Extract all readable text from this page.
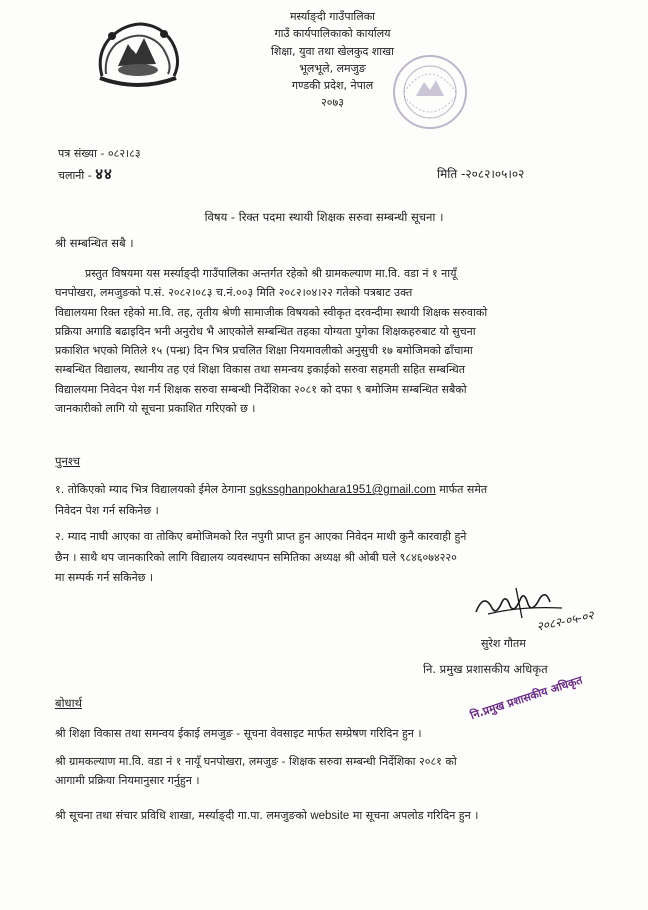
मर्स्याङ्दी गाउँपालिका
गाउँ कार्यपालिकाको कार्यालय
शिक्षा, युवा तथा खेलकुद शाखा
भूलभूले, लमजुङ
गण्डकी प्रदेश, नेपाल
२०७३
पत्र संख्या - ०८२।८३
चलानी - ४४	मिति -२०८२।०५।०२
विषय - रिक्त पदमा स्थायी शिक्षक सरुवा सम्बन्धी सूचना ।
श्री सम्बन्धित सबै ।
प्रस्तुत विषयमा यस मर्स्याङ्दी गाउँपालिका अन्तर्गत रहेको श्री ग्रामकल्याण मा.वि. वडा नं १ नायूँ
घनपोखरा, लमजुङको प.सं. २०८२।०८३ च.नं.००३ मिति २०८२।०४।२२ गतेको पत्रबाट उक्त
विद्यालयमा रिक्त रहेको मा.वि. तह, तृतीय श्रेणी सामाजीक विषयको स्वीकृत दरवन्दीमा स्थायी शिक्षक सरुवाको
प्रक्रिया अगाडि बढाइदिन भनी अनुरोध भै आएकोले सम्बन्धित तहका योग्यता पुगेका शिक्षकहरुबाट यो सुचना
प्रकाशित भएको मितिले १५ (पन्ध्र) दिन भित्र प्रचलित शिक्षा नियमावलीको अनुसुची १७ बमोजिमको ढाँचामा
सम्बन्धित विद्यालय, स्थानीय तह एवं शिक्षा विकास तथा समन्वय इकाईको सरुवा सहमती सहित सम्बन्धित
विद्यालयमा निवेदन पेश गर्न शिक्षक सरुवा सम्बन्धी निर्देशिका २०८१ को दफा ९ बमोजिम सम्बन्धित सबैको
जानकारीको लागि यो सूचना प्रकाशित गरिएको छ ।
पुनश्च
१. तोकिएको म्याद भित्र विद्यालयको ईमेल ठेगाना sgkssghanpokhara1951@gmail.com मार्फत समेत
निवेदन पेश गर्न सकिनेछ ।
२. म्याद नाघी आएका वा तोकिए बमोजिमको रित नपुगी प्राप्त हुन आएका निवेदन माथी कुनै कारवाही हुने
छैन । साथै थप जानकारिको लागि विद्यालय व्यवस्थापन समितिका अध्यक्ष श्री ओबी घले ९८४६०७४२२०
मा सम्पर्क गर्न सकिनेछ ।
२०८२-०५-०२
सुरेश गौतम
नि. प्रमुख प्रशासकीय अधिकृत
नि.प्रमुख प्रशासकीय अधिकृत
बोधार्थ
श्री शिक्षा विकास तथा समन्वय ईकाई लमजुङ - सूचना वेवसाइट मार्फत सम्प्रेषण गरिदिन हुन ।
श्री ग्रामकल्याण मा.वि. वडा नं १ नायूँ घनपोखरा, लमजुङ - शिक्षक सरुवा सम्बन्धी निर्देशिका २०८१ को
आगामी प्रक्रिया नियमानुसार गर्नुहुन ।
श्री सूचना तथा संचार प्रविधि शाखा, मर्स्याङ्दी गा.पा. लमजुङको website मा सूचना अपलोड गरिदिन हुन ।
